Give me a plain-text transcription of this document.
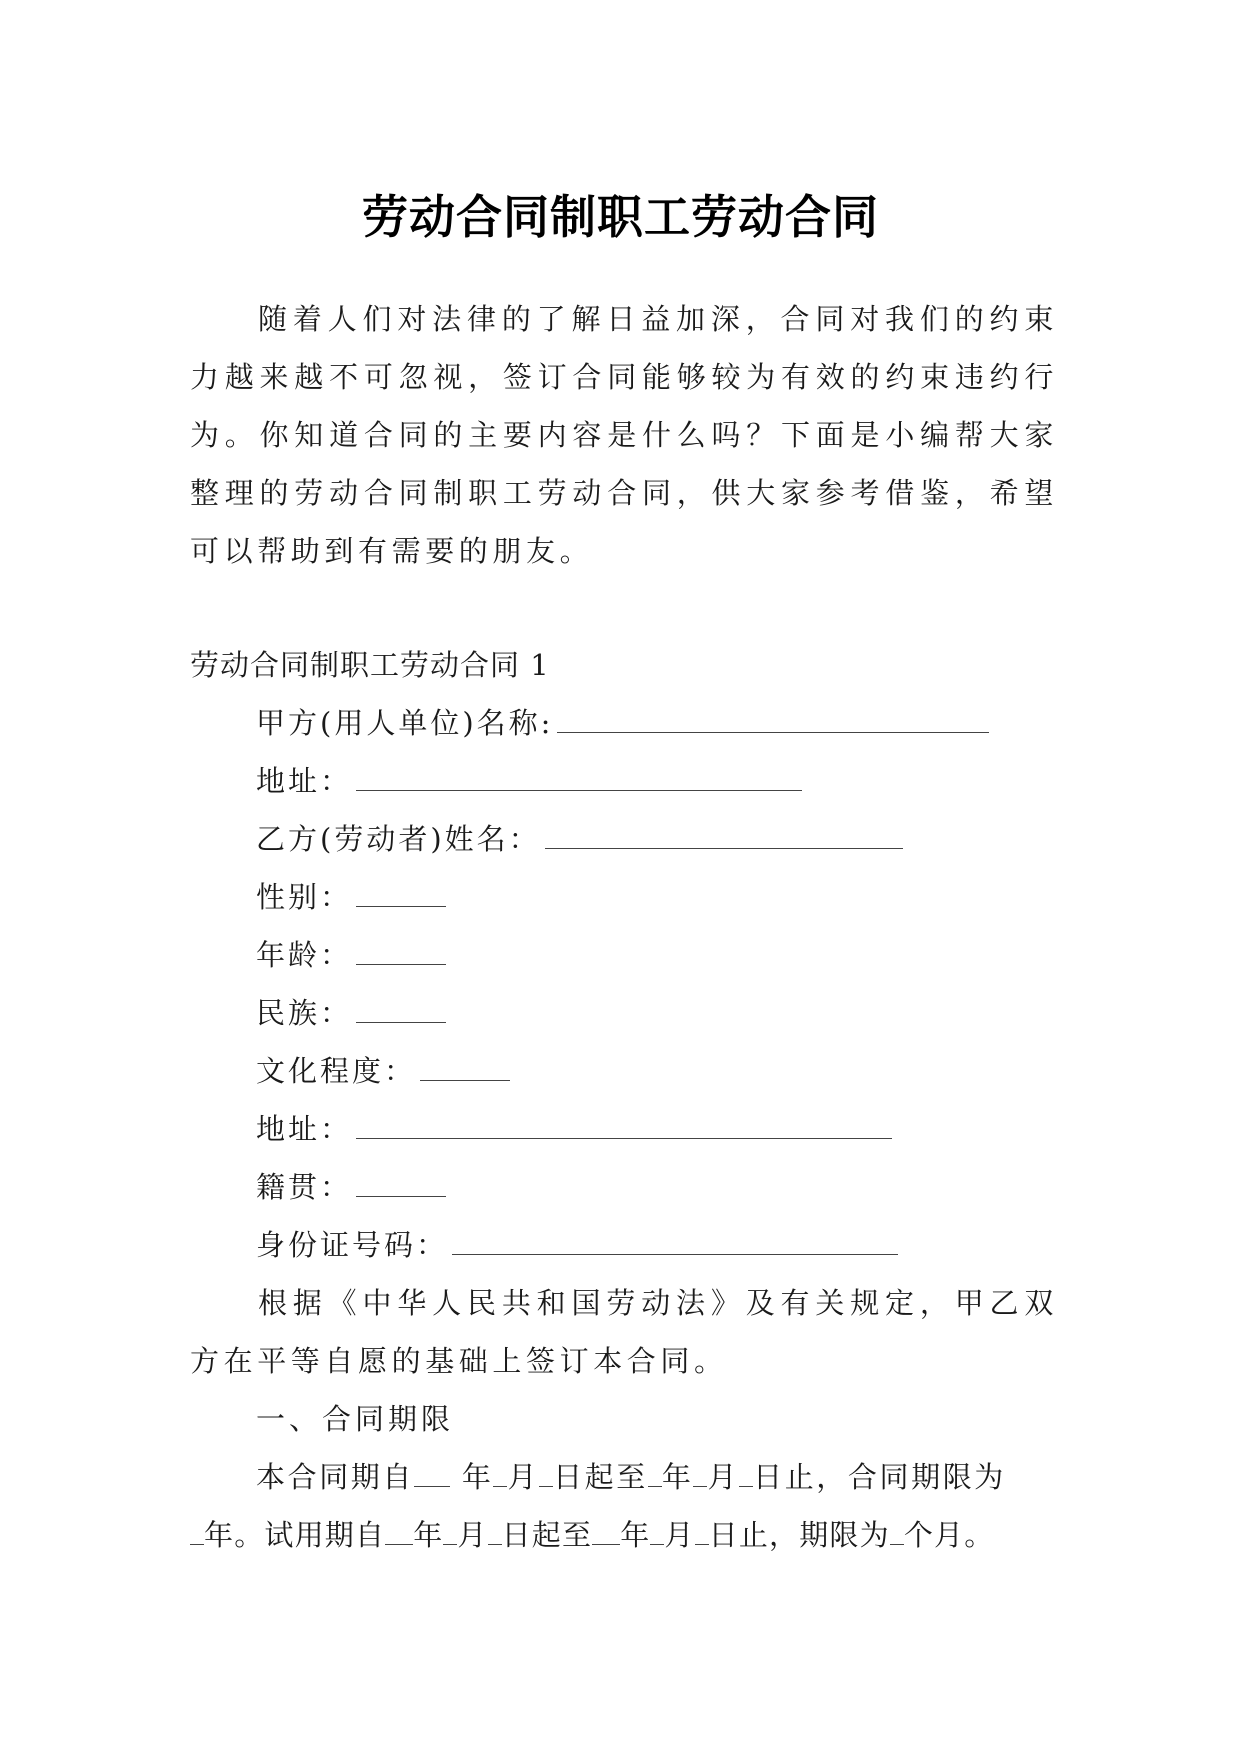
劳动合同制职工劳动合同

随着人们对法律的了解日益加深，合同对我们的约束力越来越不可忽视，签订合同能够较为有效的约束违约行为。你知道合同的主要内容是什么吗？下面是小编帮大家整理的劳动合同制职工劳动合同，供大家参考借鉴，希望可以帮助到有需要的朋友。

劳动合同制职工劳动合同 1

甲方(用人单位)名称:
地址：
乙方(劳动者)姓名：
性别：
年龄：
民族：
文化程度：
地址：
籍贯：
身份证号码：

根据《中华人民共和国劳动法》及有关规定，甲乙双方在平等自愿的基础上签订本合同。

一、合同期限

本合同期自 年 月 日起至 年 月 日止，合同期限为

年。试用期自 年 月 日起至 年 月 日止，期限为 个月。
